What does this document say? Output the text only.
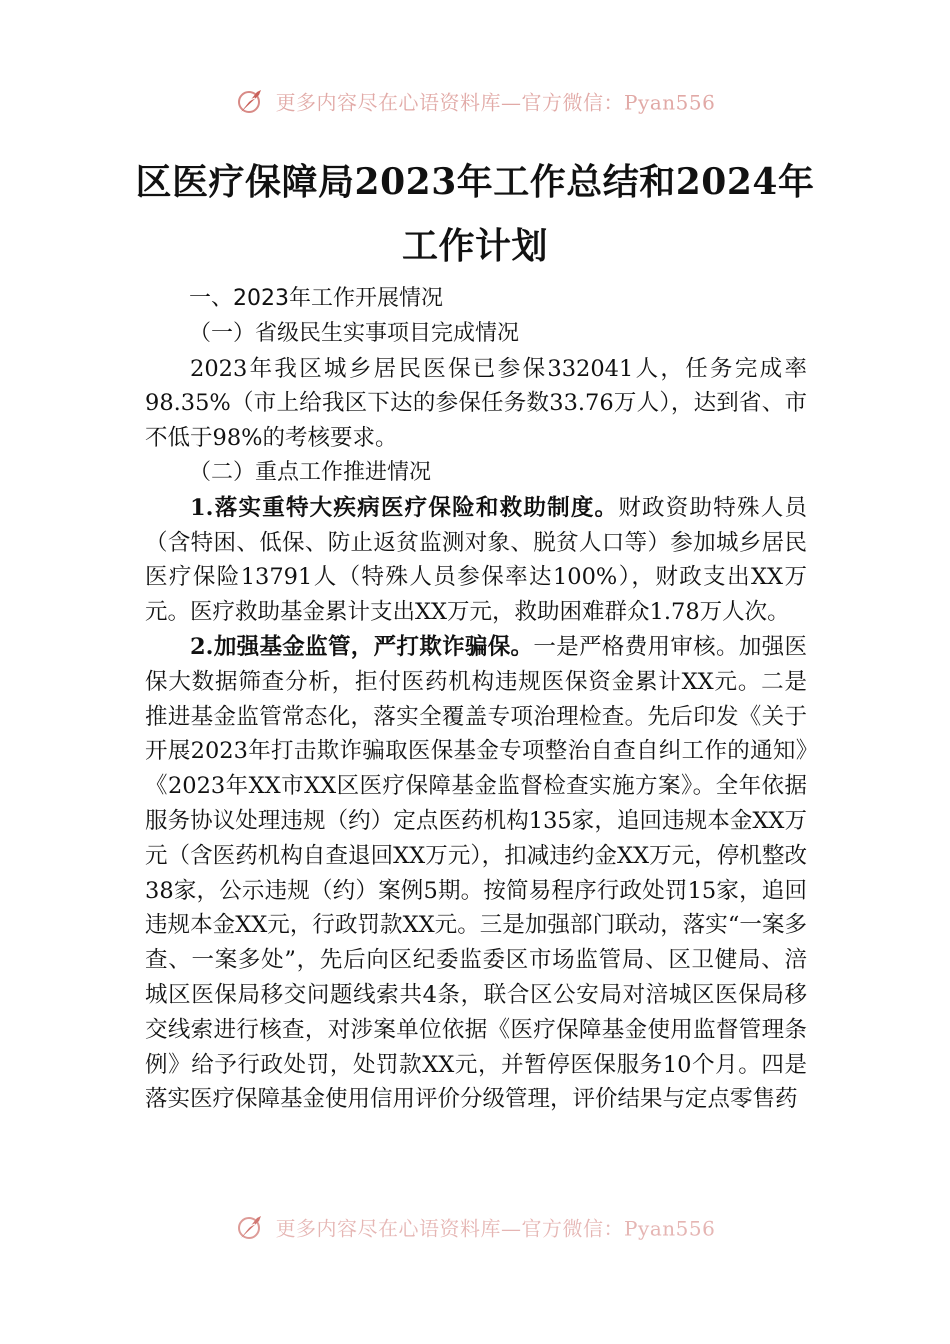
更多内容尽在心语资料库—官方微信：Pyan556
区医疗保障局2023年工作总结和2024年工作计划

一、2023年工作开展情况

（一）省级民生实事项目完成情况

2023年我区城乡居民医保已参保332041人，任务完成率98.35%（市上给我区下达的参保任务数33.76万人），达到省、市不低于98%的考核要求。

（二）重点工作推进情况

1.落实重特大疾病医疗保险和救助制度。财政资助特殊人员（含特困、低保、防止返贫监测对象、脱贫人口等）参加城乡居民医疗保险13791人（特殊人员参保率达100%），财政支出XX万元。医疗救助基金累计支出XX万元，救助困难群众1.78万人次。

2.加强基金监管，严打欺诈骗保。一是严格费用审核。加强医保大数据筛查分析，拒付医药机构违规医保资金累计XX元。二是推进基金监管常态化，落实全覆盖专项治理检查。先后印发《关于开展2023年打击欺诈骗取医保基金专项整治自查自纠工作的通知》《2023年XX市XX区医疗保障基金监督检查实施方案》。全年依据服务协议处理违规（约）定点医药机构135家，追回违规本金XX万元（含医药机构自查退回XX万元），扣减违约金XX万元，停机整改38家，公示违规（约）案例5期。按简易程序行政处罚15家，追回违规本金XX元，行政罚款XX元。三是加强部门联动，落实“一案多查、一案多处”，先后向区纪委监委区市场监管局、区卫健局、涪城区医保局移交问题线索共4条，联合区公安局对涪城区医保局移交线索进行核查，对涉案单位依据《医疗保障基金使用监督管理条例》给予行政处罚，处罚款XX元，并暂停医保服务10个月。四是落实医疗保障基金使用信用评价分级管理，评价结果与定点零售药

更多内容尽在心语资料库—官方微信：Pyan556
